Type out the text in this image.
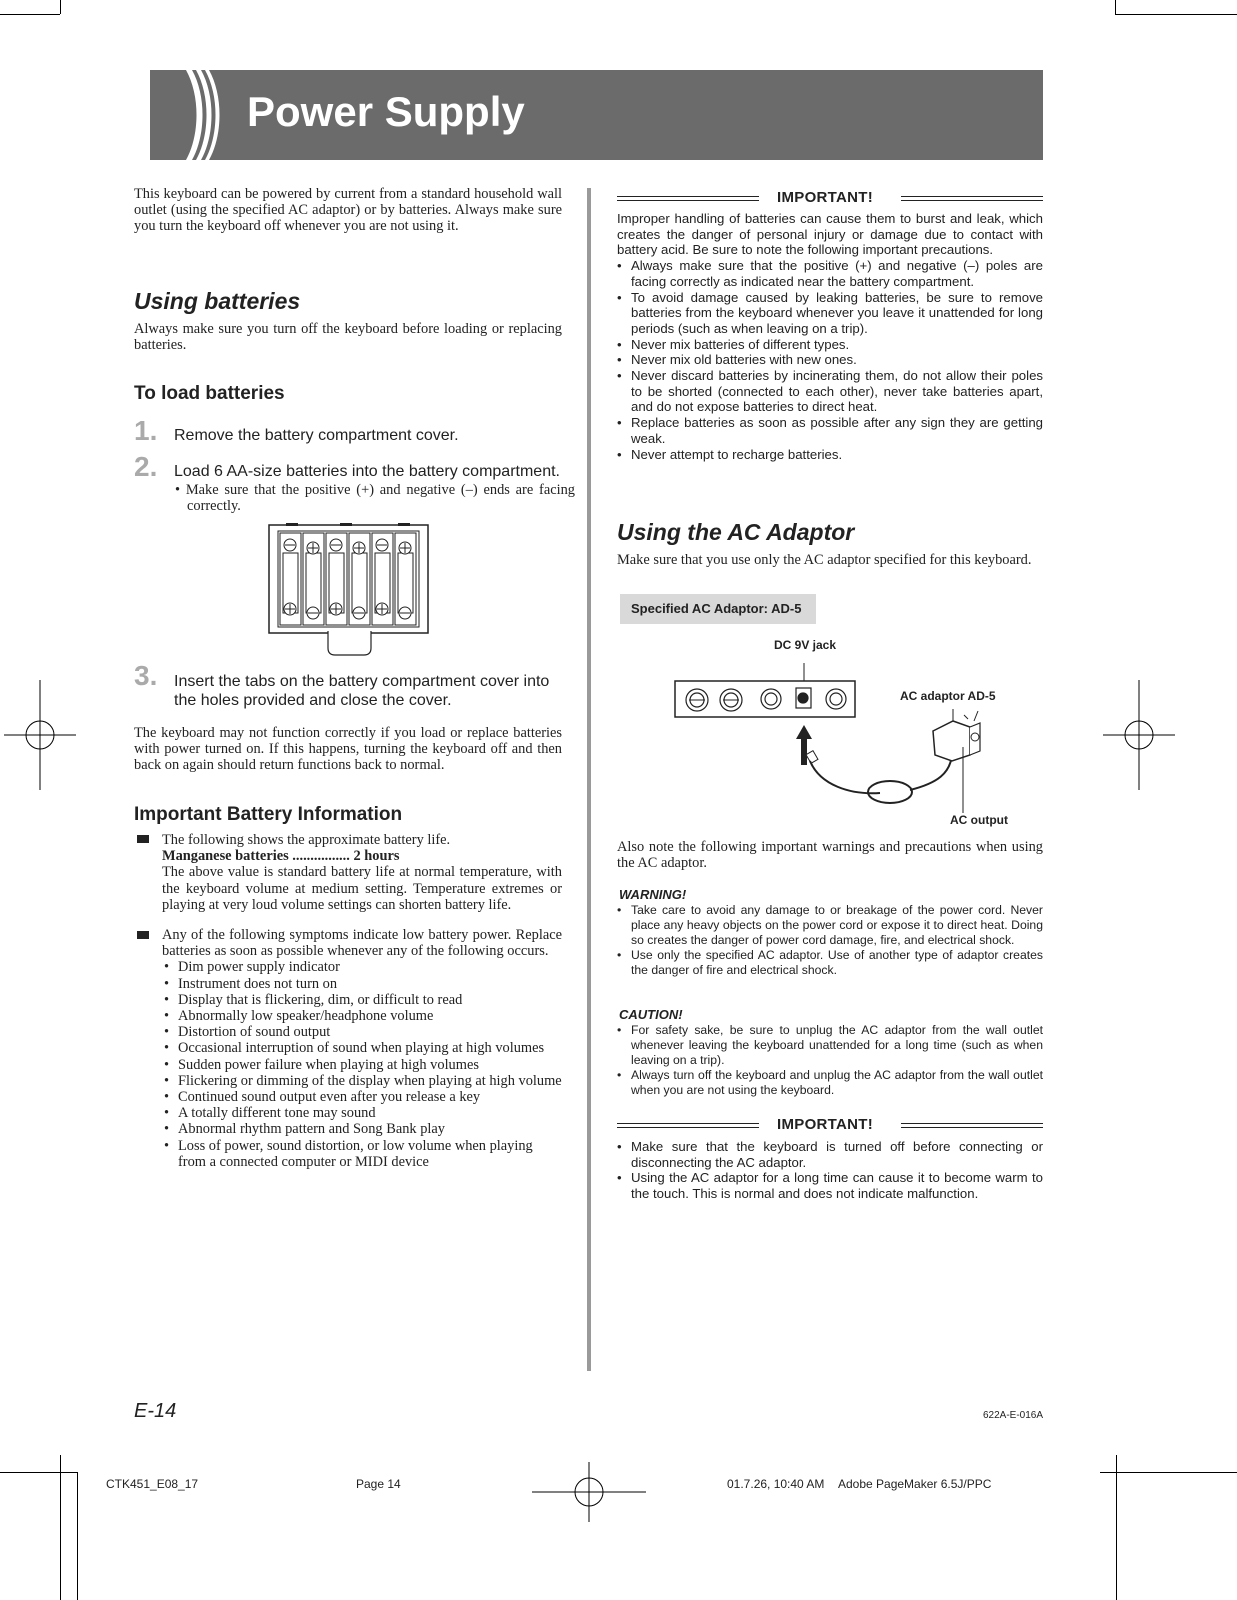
Power Supply
This keyboard can be powered by current from a standard household wall outlet (using the specified AC adaptor) or by batteries. Always make sure you turn the keyboard off whenever you are not using it.
Using batteries
Always make sure you turn off the keyboard before loading or replacing batteries.
To load batteries
1. Remove the battery compartment cover.
2. Load 6 AA-size batteries into the battery compartment.
• Make sure that the positive (+) and negative (–) ends are facing correctly.
3. Insert the tabs on the battery compartment cover into the holes provided and close the cover.
The keyboard may not function correctly if you load or replace batteries with power turned on. If this happens, turning the keyboard off and then back on again should return functions back to normal.
Important Battery Information
The following shows the approximate battery life.
Manganese batteries ................ 2 hours
The above value is standard battery life at normal temperature, with the keyboard volume at medium setting. Temperature extremes or playing at very loud volume settings can shorten battery life.
Any of the following symptoms indicate low battery power. Replace batteries as soon as possible whenever any of the following occurs.
• Dim power supply indicator
• Instrument does not turn on
• Display that is flickering, dim, or difficult to read
• Abnormally low speaker/headphone volume
• Distortion of sound output
• Occasional interruption of sound when playing at high volumes
• Sudden power failure when playing at high volumes
• Flickering or dimming of the display when playing at high volume
• Continued sound output even after you release a key
• A totally different tone may sound
• Abnormal rhythm pattern and Song Bank play
• Loss of power, sound distortion, or low volume when playing from a connected computer or MIDI device
IMPORTANT!
Improper handling of batteries can cause them to burst and leak, which creates the danger of personal injury or damage due to contact with battery acid. Be sure to note the following important precautions.
• Always make sure that the positive (+) and negative (–) poles are facing correctly as indicated near the battery compartment.
• To avoid damage caused by leaking batteries, be sure to remove batteries from the keyboard whenever you leave it unattended for long periods (such as when leaving on a trip).
• Never mix batteries of different types.
• Never mix old batteries with new ones.
• Never discard batteries by incinerating them, do not allow their poles to be shorted (connected to each other), never take batteries apart, and do not expose batteries to direct heat.
• Replace batteries as soon as possible after any sign they are getting weak.
• Never attempt to recharge batteries.
Using the AC Adaptor
Make sure that you use only the AC adaptor specified for this keyboard.
Specified AC Adaptor: AD-5
DC 9V jack
AC adaptor AD-5
AC output
Also note the following important warnings and precautions when using the AC adaptor.
WARNING!
• Take care to avoid any damage to or breakage of the power cord. Never place any heavy objects on the power cord or expose it to direct heat. Doing so creates the danger of power cord damage, fire, and electrical shock.
• Use only the specified AC adaptor. Use of another type of adaptor creates the danger of fire and electrical shock.
CAUTION!
• For safety sake, be sure to unplug the AC adaptor from the wall outlet whenever leaving the keyboard unattended for a long time (such as when leaving on a trip).
• Always turn off the keyboard and unplug the AC adaptor from the wall outlet when you are not using the keyboard.
IMPORTANT!
• Make sure that the keyboard is turned off before connecting or disconnecting the AC adaptor.
• Using the AC adaptor for a long time can cause it to become warm to the touch. This is normal and does not indicate malfunction.
E-14	622A-E-016A
CTK451_E08_17	Page 14	01.7.26, 10:40 AM Adobe PageMaker 6.5J/PPC
